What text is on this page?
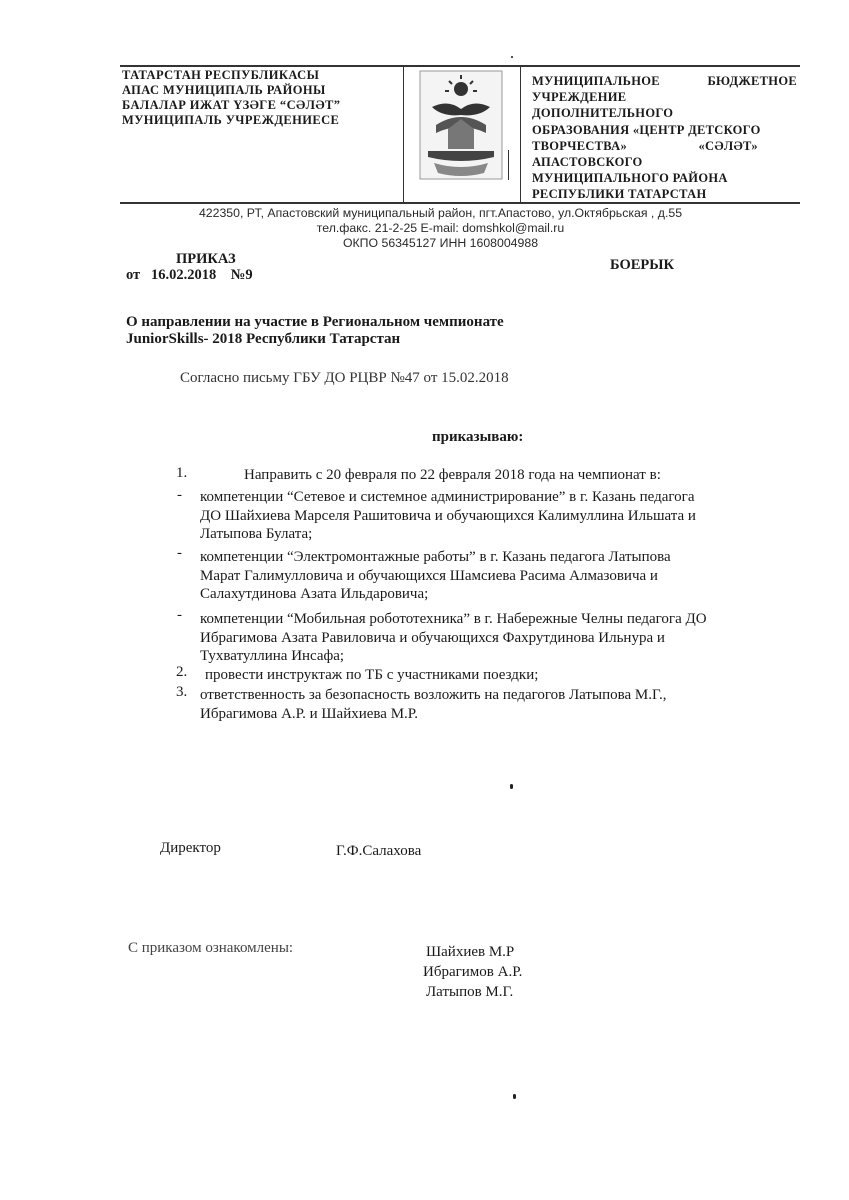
ТАТАРСТАН РЕСПУБЛИКАСЫ
АПАС МУНИЦИПАЛЬ РАЙОНЫ
БАЛАЛАР ИЖАТ ҮЗӘГЕ “СӘЛӘТ”
МУНИЦИПАЛЬ УЧРЕЖДЕНИЕСЕ
МУНИЦИПАЛЬНОЕ БЮДЖЕТНОЕ
УЧРЕЖДЕНИЕ
ДОПОЛНИТЕЛЬНОГО
ОБРАЗОВАНИЯ «ЦЕНТР ДЕТСКОГО
ТВОРЧЕСТВА» «СӘЛӘТ»
АПАСТОВСКОГО
МУНИЦИПАЛЬНОГО РАЙОНА
РЕСПУБЛИКИ ТАТАРСТАН
422350, РТ, Апастовский муниципальный район, пгт.Апастово, ул.Октябрьская , д.55
тел.факс. 21-2-25 E-mail: domshkol@mail.ru
ОКПО 56345127 ИНН 1608004988
ПРИКАЗ	БОЕРЫК
от   16.02.2018    №9
О направлении на участие в Региональном чемпионате
JuniorSkills- 2018 Республики Татарстан
Согласно письму ГБУ ДО РЦВР №47 от 15.02.2018
приказываю:
1.	Направить с 20 февраля по 22 февраля 2018 года на чемпионат в:
- компетенции “Сетевое и системное администрирование” в г. Казань педагога
ДО Шайхиева Марселя Рашитовича и обучающихся Калимуллина Ильшата и
Латыпова Булата;
- компетенции “Электромонтажные работы” в г. Казань педагога Латыпова
Марат Галимулловича и обучающихся Шамсиева Расима Алмазовича и
Салахутдинова Азата Ильдаровича;
- компетенции “Мобильная робототехника” в г. Набережные Челны педагога ДО
Ибрагимова Азата Равиловича и обучающихся Фахрутдинова Ильнура и
Тухватуллина Инсафа;
2. провести инструктаж по ТБ с участниками поездки;
3. ответственность за безопасность возложить на педагогов Латыпова М.Г.,
Ибрагимова А.Р. и Шайхиева М.Р.
Директор	Г.Ф.Салахова
С приказом ознакомлены:	Шайхиев М.Р
Ибрагимов А.Р.
Латыпов М.Г.
